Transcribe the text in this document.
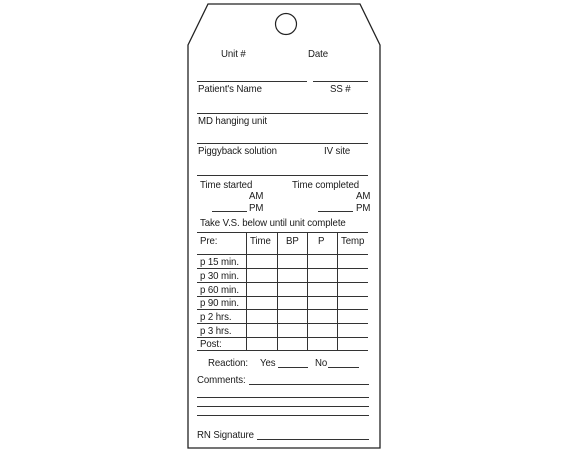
Unit #	Date
Patient's Name	SS #
MD hanging unit
Piggyback solution	IV site
Time started	Time completed
AM	AM
PM	PM
Take V.S. below until unit complete
Pre:	Time BP P Temp
p 15 min.
p 30 min.
p 60 min.
p 90 min.
p 2 hrs.
p 3 hrs.
Post:
Reaction: Yes	No
Comments:
RN Signature
